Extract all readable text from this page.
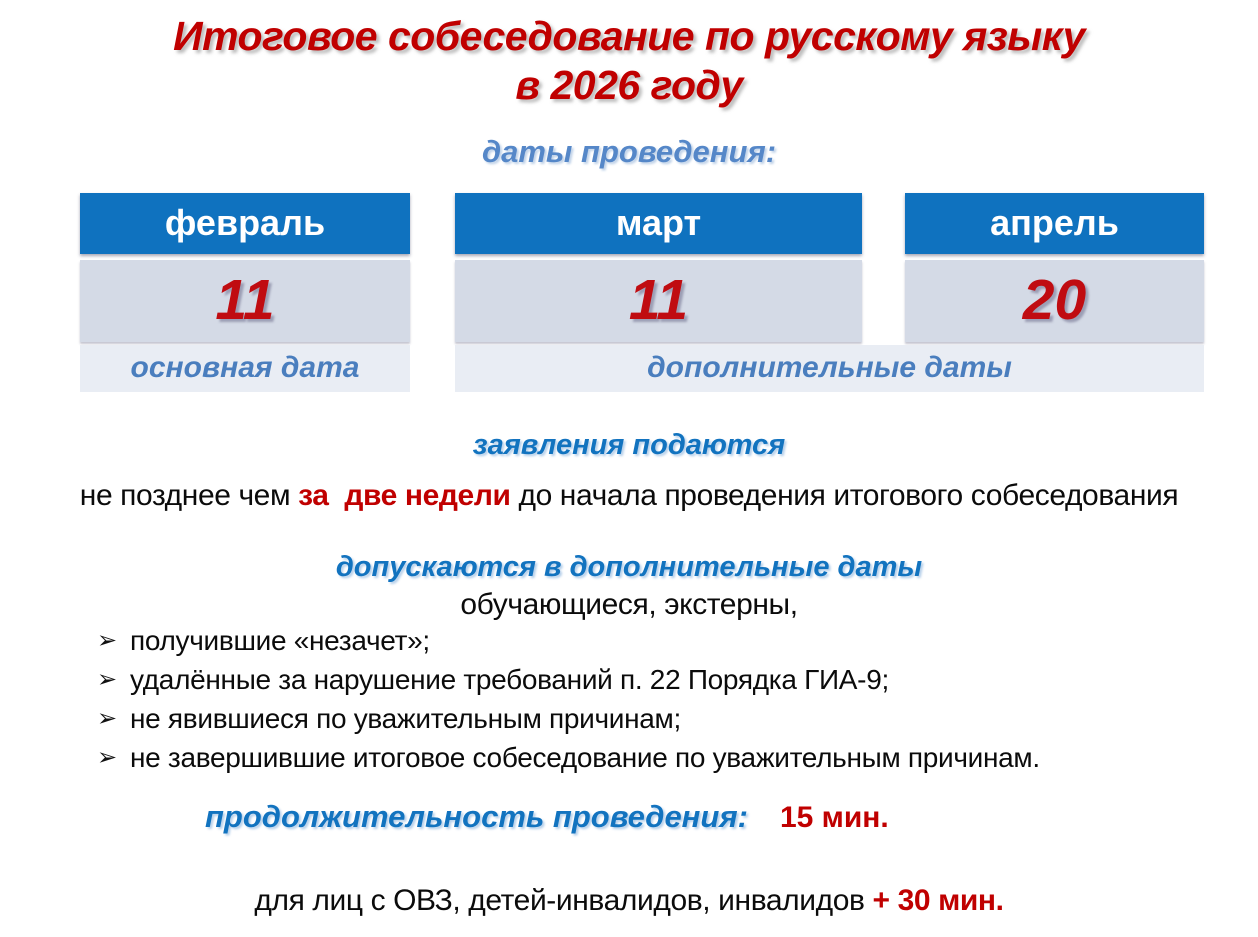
Итоговое собеседование по русскому языку
в 2026 году
даты проведения:
февраль
11
март
11
апрель
20
основная дата	дополнительные даты
заявления подаются
не позднее чем за  две недели до начала проведения итогового собеседования
допускаются в дополнительные даты
обучающиеся, экстерны,
➢ получившие «незачет»;
➢ удалённые за нарушение требований п. 22 Порядка ГИА-9;
➢ не явившиеся по уважительным причинам;
➢ не завершившие итоговое собеседование по уважительным причинам.
продолжительность проведения: 15 мин.
для лиц с ОВЗ, детей-инвалидов, инвалидов + 30 мин.
